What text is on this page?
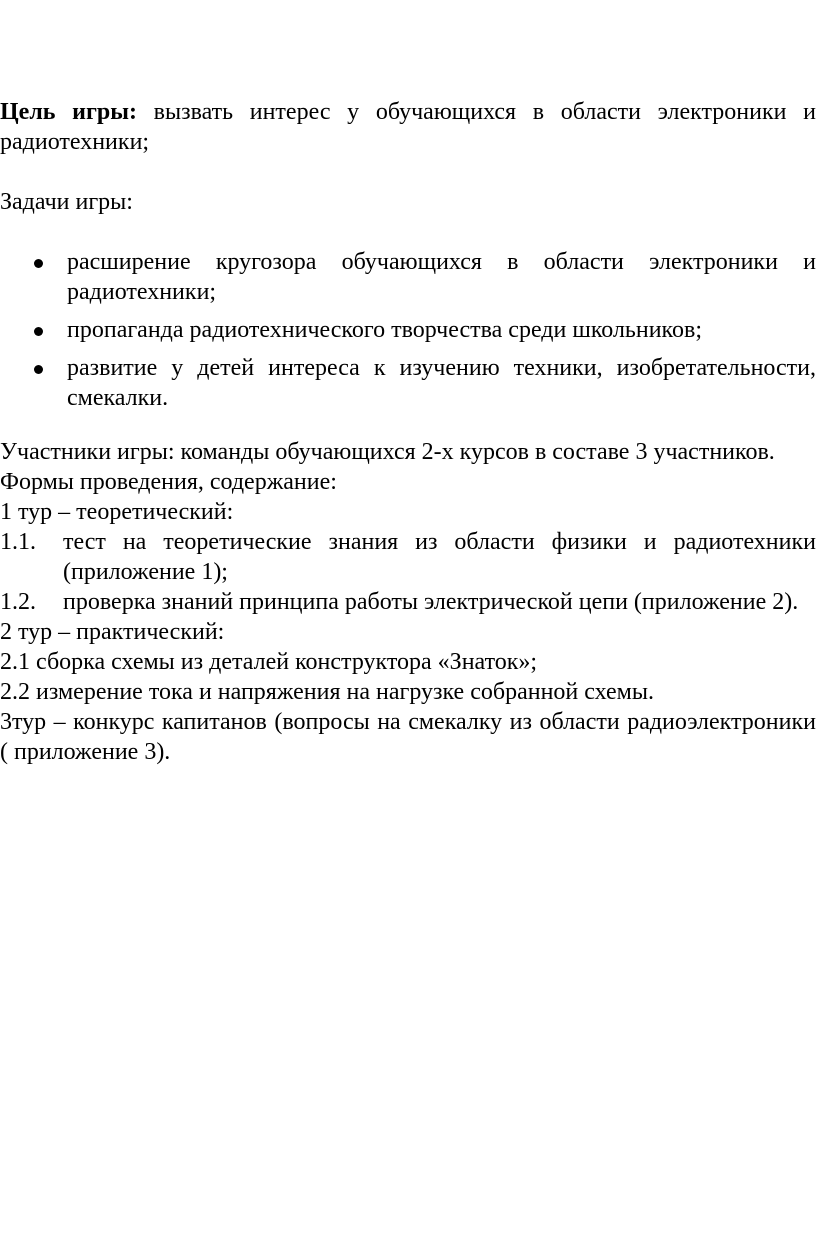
Цель игры: вызвать интерес у обучающихся в области электроники и радиотехники;

Задачи игры:

расширение кругозора обучающихся в области электроники и радиотехники;
пропаганда радиотехнического творчества среди школьников;
развитие у детей интереса к изучению техники, изобретательности, смекалки.

Участники игры: команды обучающихся 2-х курсов в составе 3 участников.

Формы проведения, содержание:

1 тур – теоретический:

1.1. тест на теоретические знания из области физики и радиотехники (приложение 1);
1.2. проверка знаний принципа работы электрической цепи (приложение 2).

2 тур – практический:

2.1 сборка схемы из деталей конструктора «Знаток»;

2.2 измерение тока и напряжения на нагрузке собранной схемы.

3тур – конкурс капитанов (вопросы на смекалку из области радиоэлектроники ( приложение 3).
